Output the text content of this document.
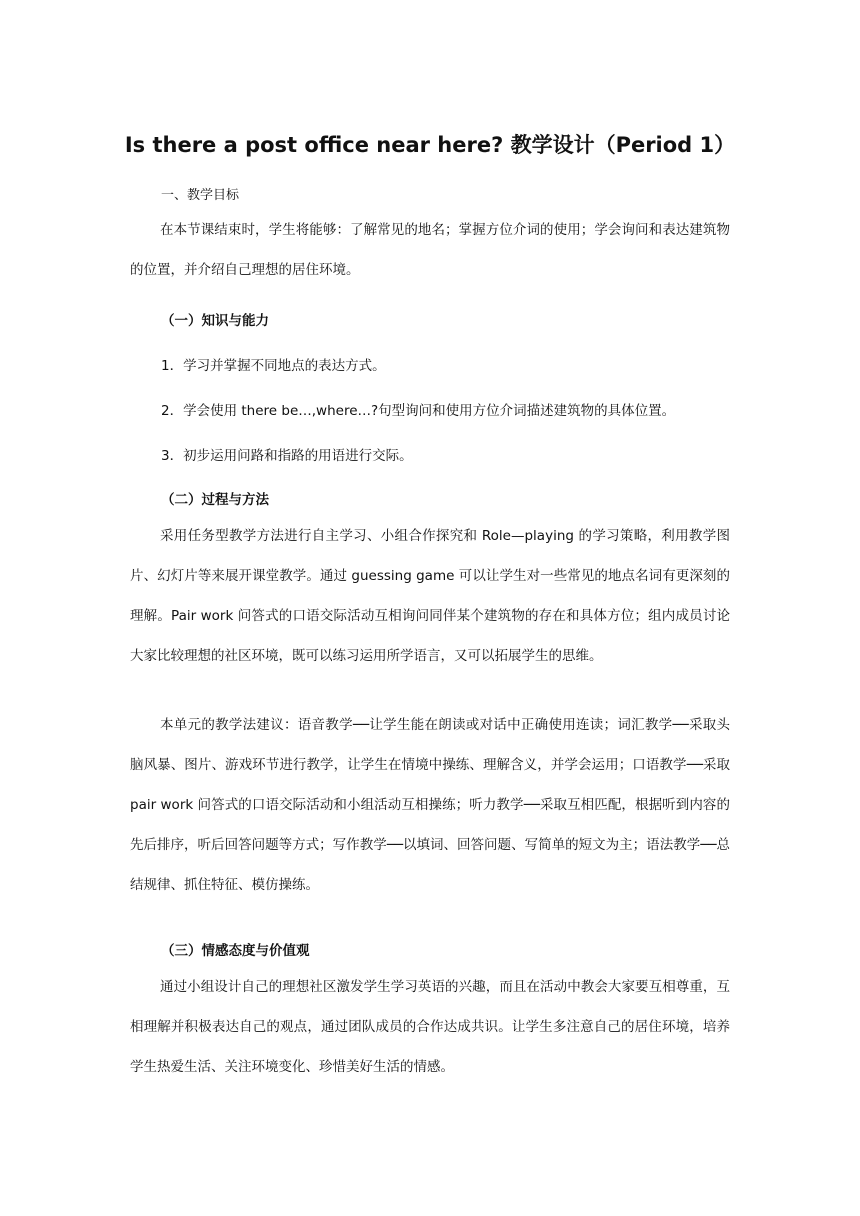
Is there a post office near here? 教学设计（Period 1）
一、教学目标

在本节课结束时，学生将能够：了解常见的地名；掌握方位介词的使用；学会询问和表达建筑物的位置，并介绍自己理想的居住环境。

（一）知识与能力
1．学习并掌握不同地点的表达方式。
2．学会使用 there be…,where…?句型询问和使用方位介词描述建筑物的具体位置。
3．初步运用问路和指路的用语进行交际。
（二）过程与方法

采用任务型教学方法进行自主学习、小组合作探究和 Role—playing 的学习策略，利用教学图片、幻灯片等来展开课堂教学。通过 guessing game 可以让学生对一些常见的地点名词有更深刻的理解。Pair work 问答式的口语交际活动互相询问同伴某个建筑物的存在和具体方位；组内成员讨论大家比较理想的社区环境，既可以练习运用所学语言，又可以拓展学生的思维。

本单元的教学法建议：语音教学──让学生能在朗读或对话中正确使用连读；词汇教学──采取头脑风暴、图片、游戏环节进行教学，让学生在情境中操练、理解含义，并学会运用；口语教学──采取 pair work 问答式的口语交际活动和小组活动互相操练；听力教学──采取互相匹配，根据听到内容的先后排序，听后回答问题等方式；写作教学──以填词、回答问题、写简单的短文为主；语法教学──总结规律、抓住特征、模仿操练。

（三）情感态度与价值观

通过小组设计自己的理想社区激发学生学习英语的兴趣，而且在活动中教会大家要互相尊重，互相理解并积极表达自己的观点，通过团队成员的合作达成共识。让学生多注意自己的居住环境，培养学生热爱生活、关注环境变化、珍惜美好生活的情感。
